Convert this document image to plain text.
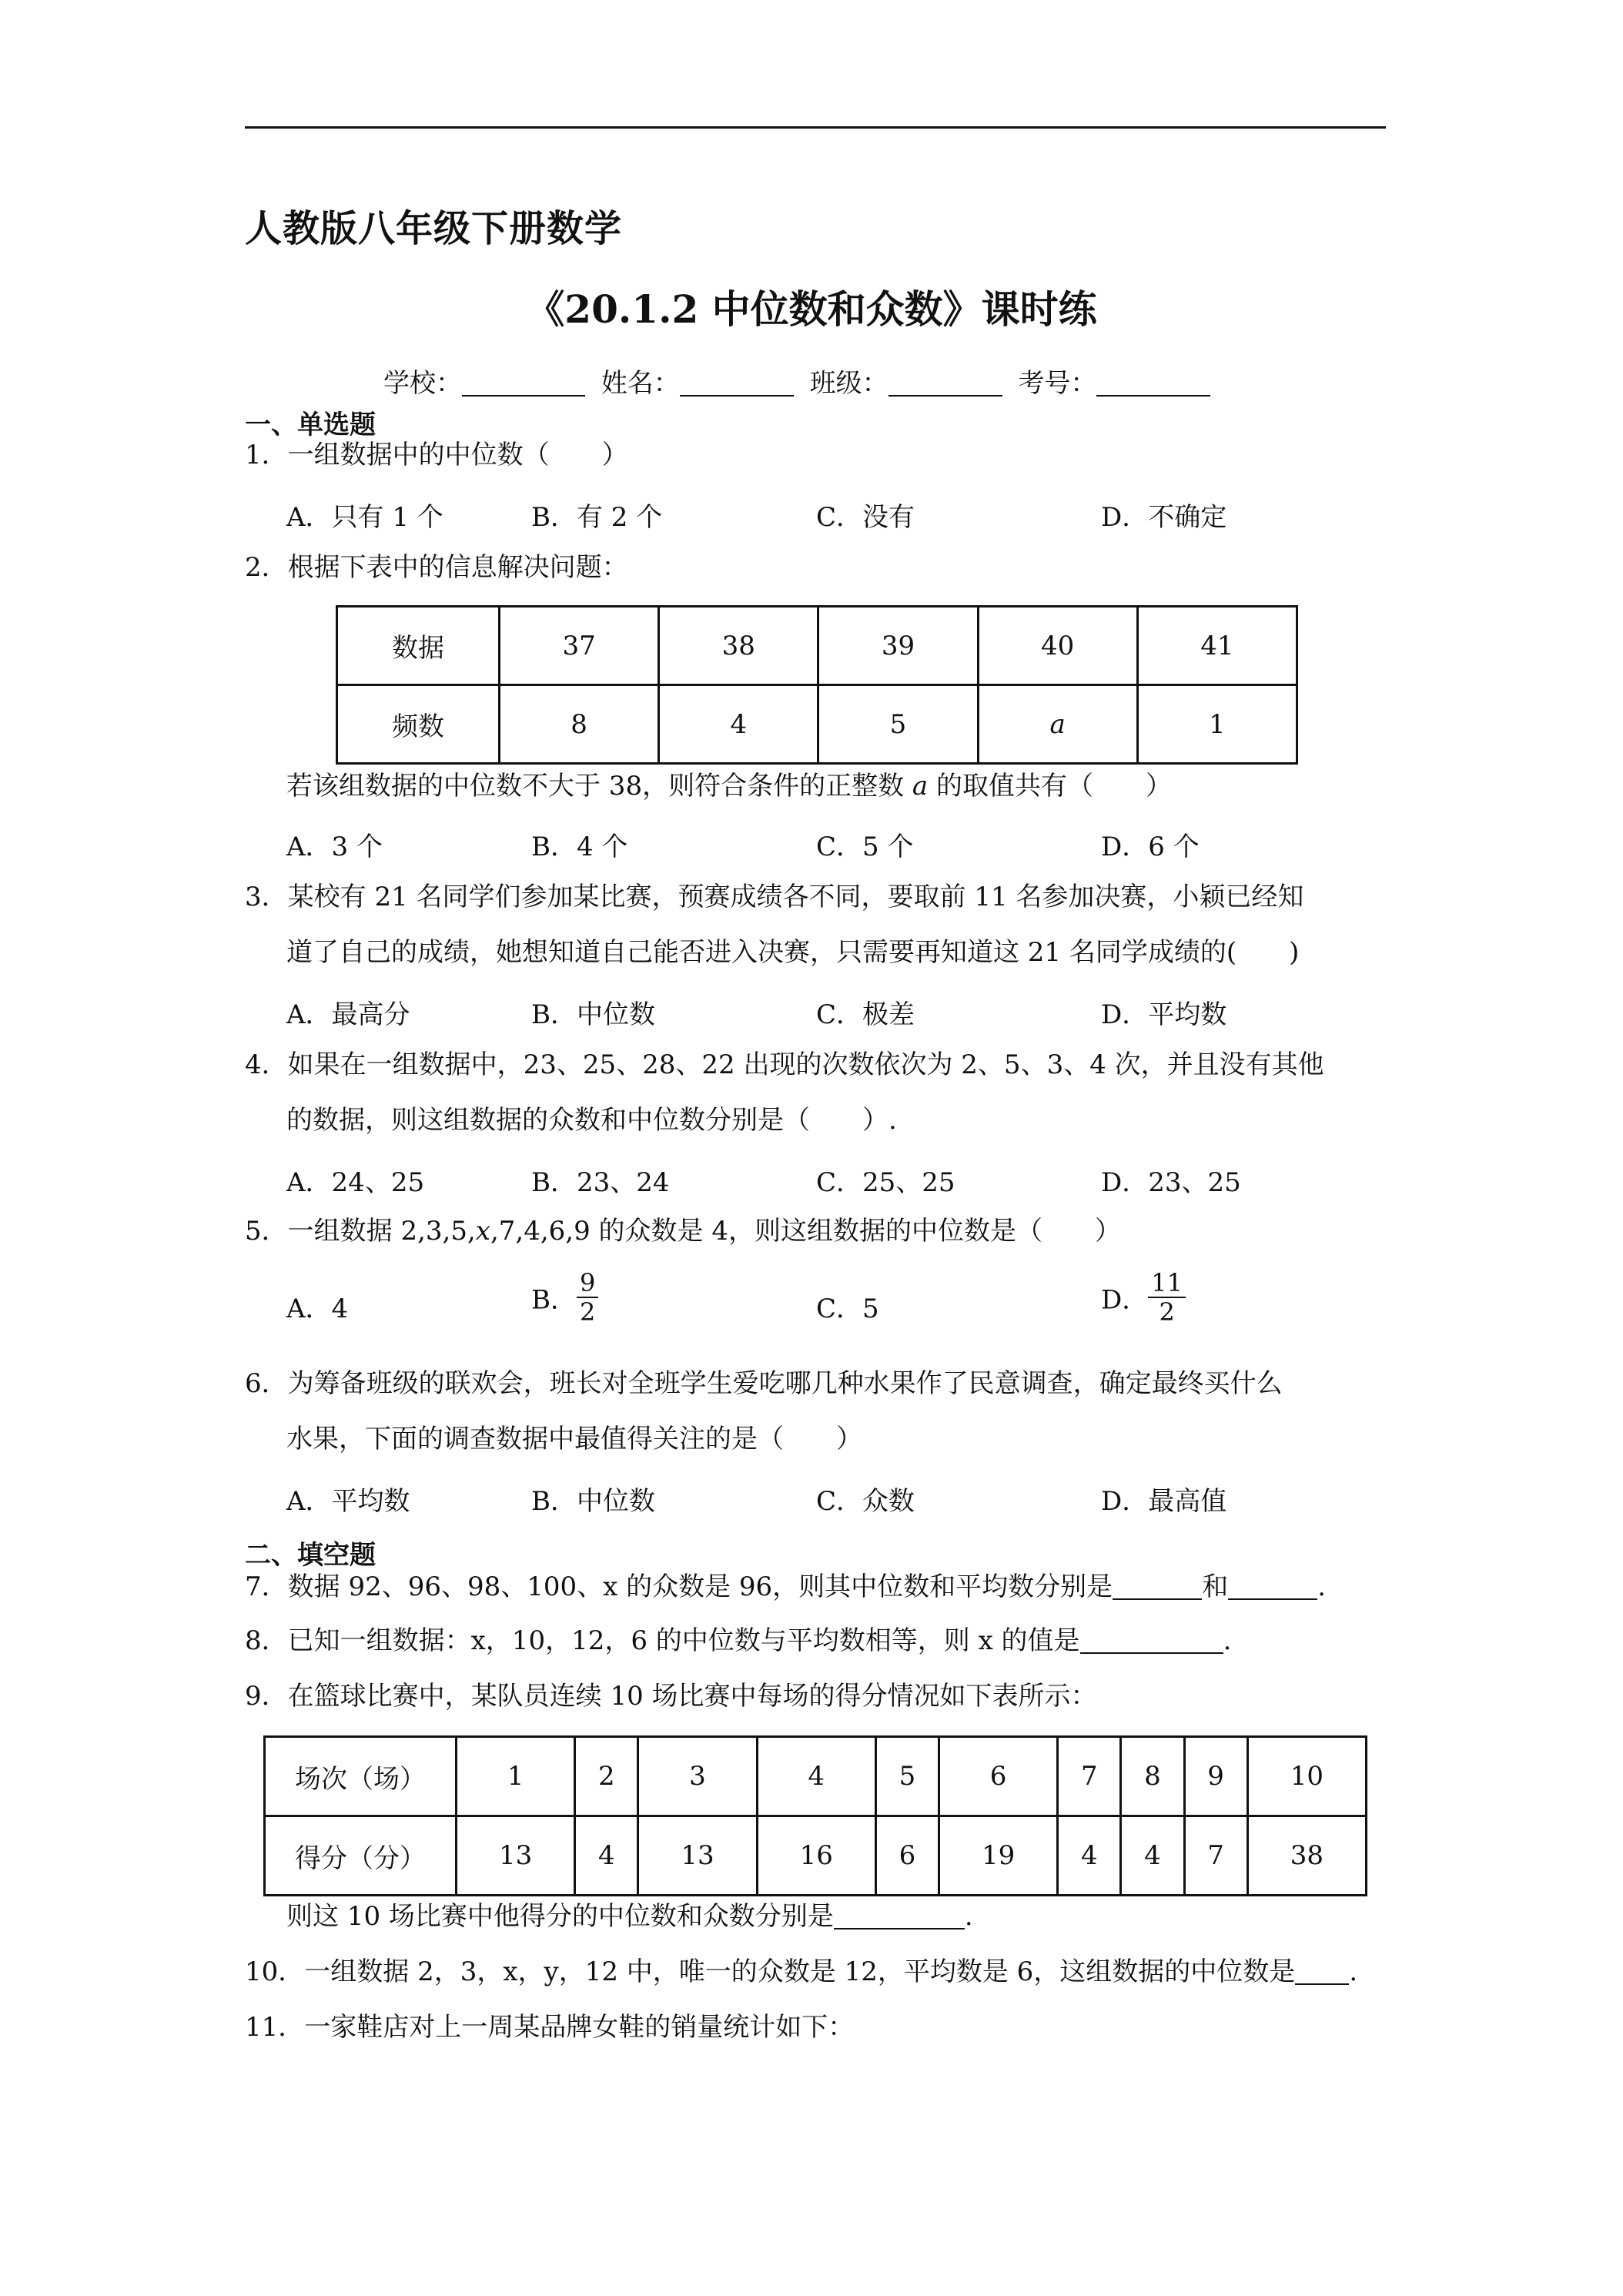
人教版八年级下册数学
《20.1.2 中位数和众数》课时练
学校：	姓名：	班级：	考号：
一、单选题
1．一组数据中的中位数（　　）
A．只有 1 个	B．有 2 个	C．没有	D．不确定
2．根据下表中的信息解决问题：
数据	37	38	39	40	41
频数	8	4	5	a	1
若该组数据的中位数不大于 38，则符合条件的正整数 a 的取值共有（　　）
A．3 个	B．4 个	C．5 个	D．6 个
3．某校有 21 名同学们参加某比赛，预赛成绩各不同，要取前 11 名参加决赛，小颖已经知
道了自己的成绩，她想知道自己能否进入决赛，只需要再知道这 21 名同学成绩的(　　)
A．最高分	B．中位数	C．极差	D．平均数
4．如果在一组数据中，23、25、28、22 出现的次数依次为 2、5、3、4 次，并且没有其他
的数据，则这组数据的众数和中位数分别是（　　）.
A．24、25	B．23、24	C．25、25	D．23、25
5．一组数据 2,3,5,x,7,4,6,9 的众数是 4，则这组数据的中位数是（　　）
A．4	B． $\frac{9}{2}$	C．5	D． $\frac{11}{2}$
6．为筹备班级的联欢会，班长对全班学生爱吃哪几种水果作了民意调查，确定最终买什么
水果，下面的调查数据中最值得关注的是（　　）
A．平均数	B．中位数	C．众数	D．最高值
二、填空题
7．数据 92、96、98、100、x 的众数是 96，则其中位数和平均数分别是	和	.
8．已知一组数据：x，10，12，6 的中位数与平均数相等，则 x 的值是	.
9．在篮球比赛中，某队员连续 10 场比赛中每场的得分情况如下表所示：
场次（场）	1	2	3	4	5	6	7	8	9	10
得分（分）	13	4	13	16	6	19	4	4	7	38
则这 10 场比赛中他得分的中位数和众数分别是	.
10．一组数据 2，3，x，y，12 中，唯一的众数是 12，平均数是 6，这组数据的中位数是 .
11．一家鞋店对上一周某品牌女鞋的销量统计如下：
